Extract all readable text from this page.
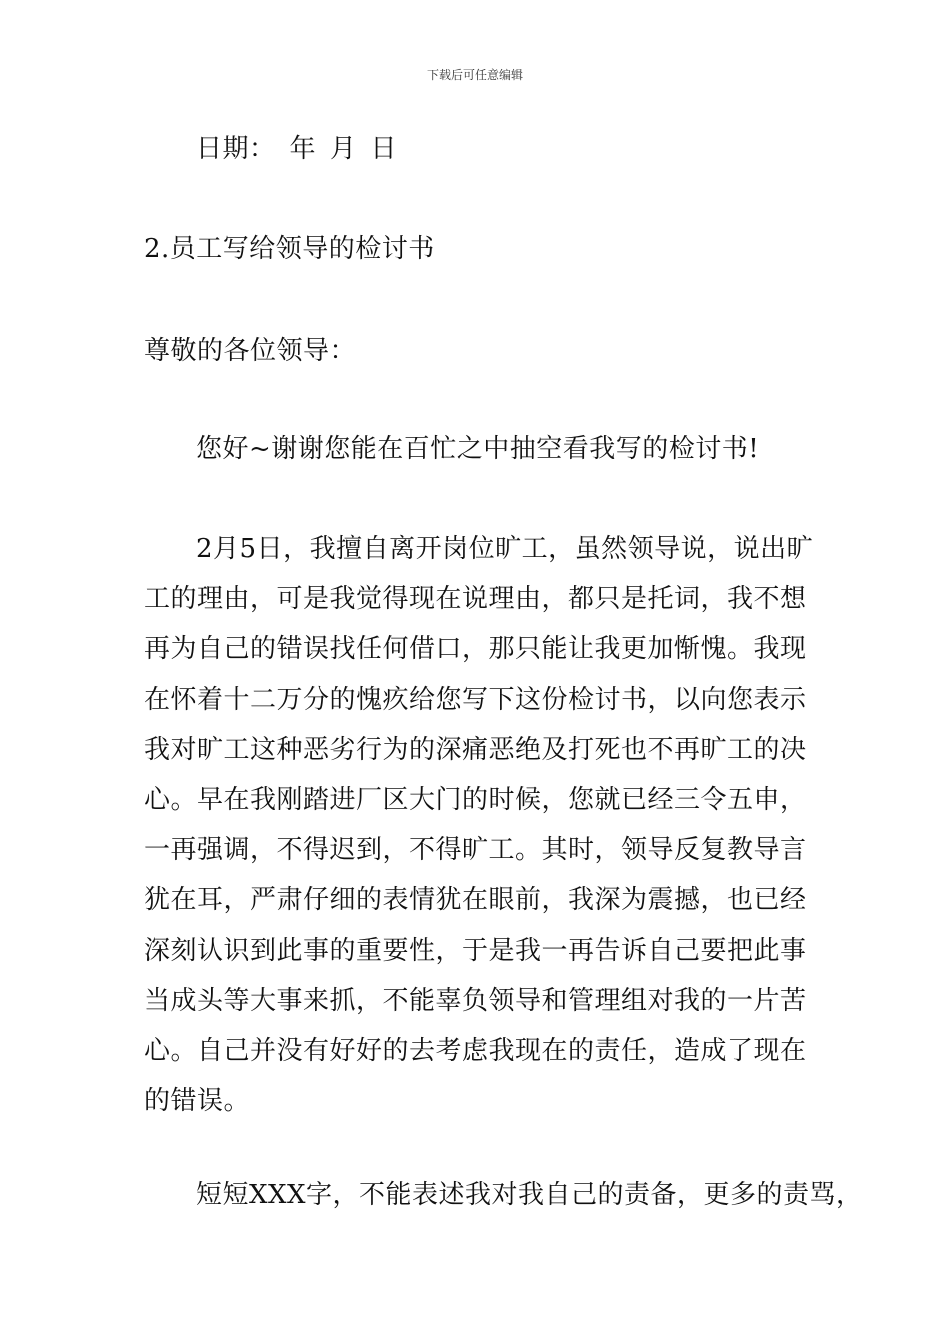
下载后可任意编辑
日期： 年 月 日
2.员工写给领导的检讨书
尊敬的各位领导：
您好~谢谢您能在百忙之中抽空看我写的检讨书!
2月5日，我擅自离开岗位旷工，虽然领导说，说出旷
工的理由，可是我觉得现在说理由，都只是托词，我不想
再为自己的错误找任何借口，那只能让我更加惭愧。我现
在怀着十二万分的愧疚给您写下这份检讨书，以向您表示
我对旷工这种恶劣行为的深痛恶绝及打死也不再旷工的决
心。早在我刚踏进厂区大门的时候，您就已经三令五申，
一再强调，不得迟到，不得旷工。其时，领导反复教导言
犹在耳，严肃仔细的表情犹在眼前，我深为震撼，也已经
深刻认识到此事的重要性，于是我一再告诉自己要把此事
当成头等大事来抓，不能辜负领导和管理组对我的一片苦
心。自己并没有好好的去考虑我现在的责任，造成了现在
的错误。
短短XXX字，不能表述我对我自己的责备，更多的责骂，
